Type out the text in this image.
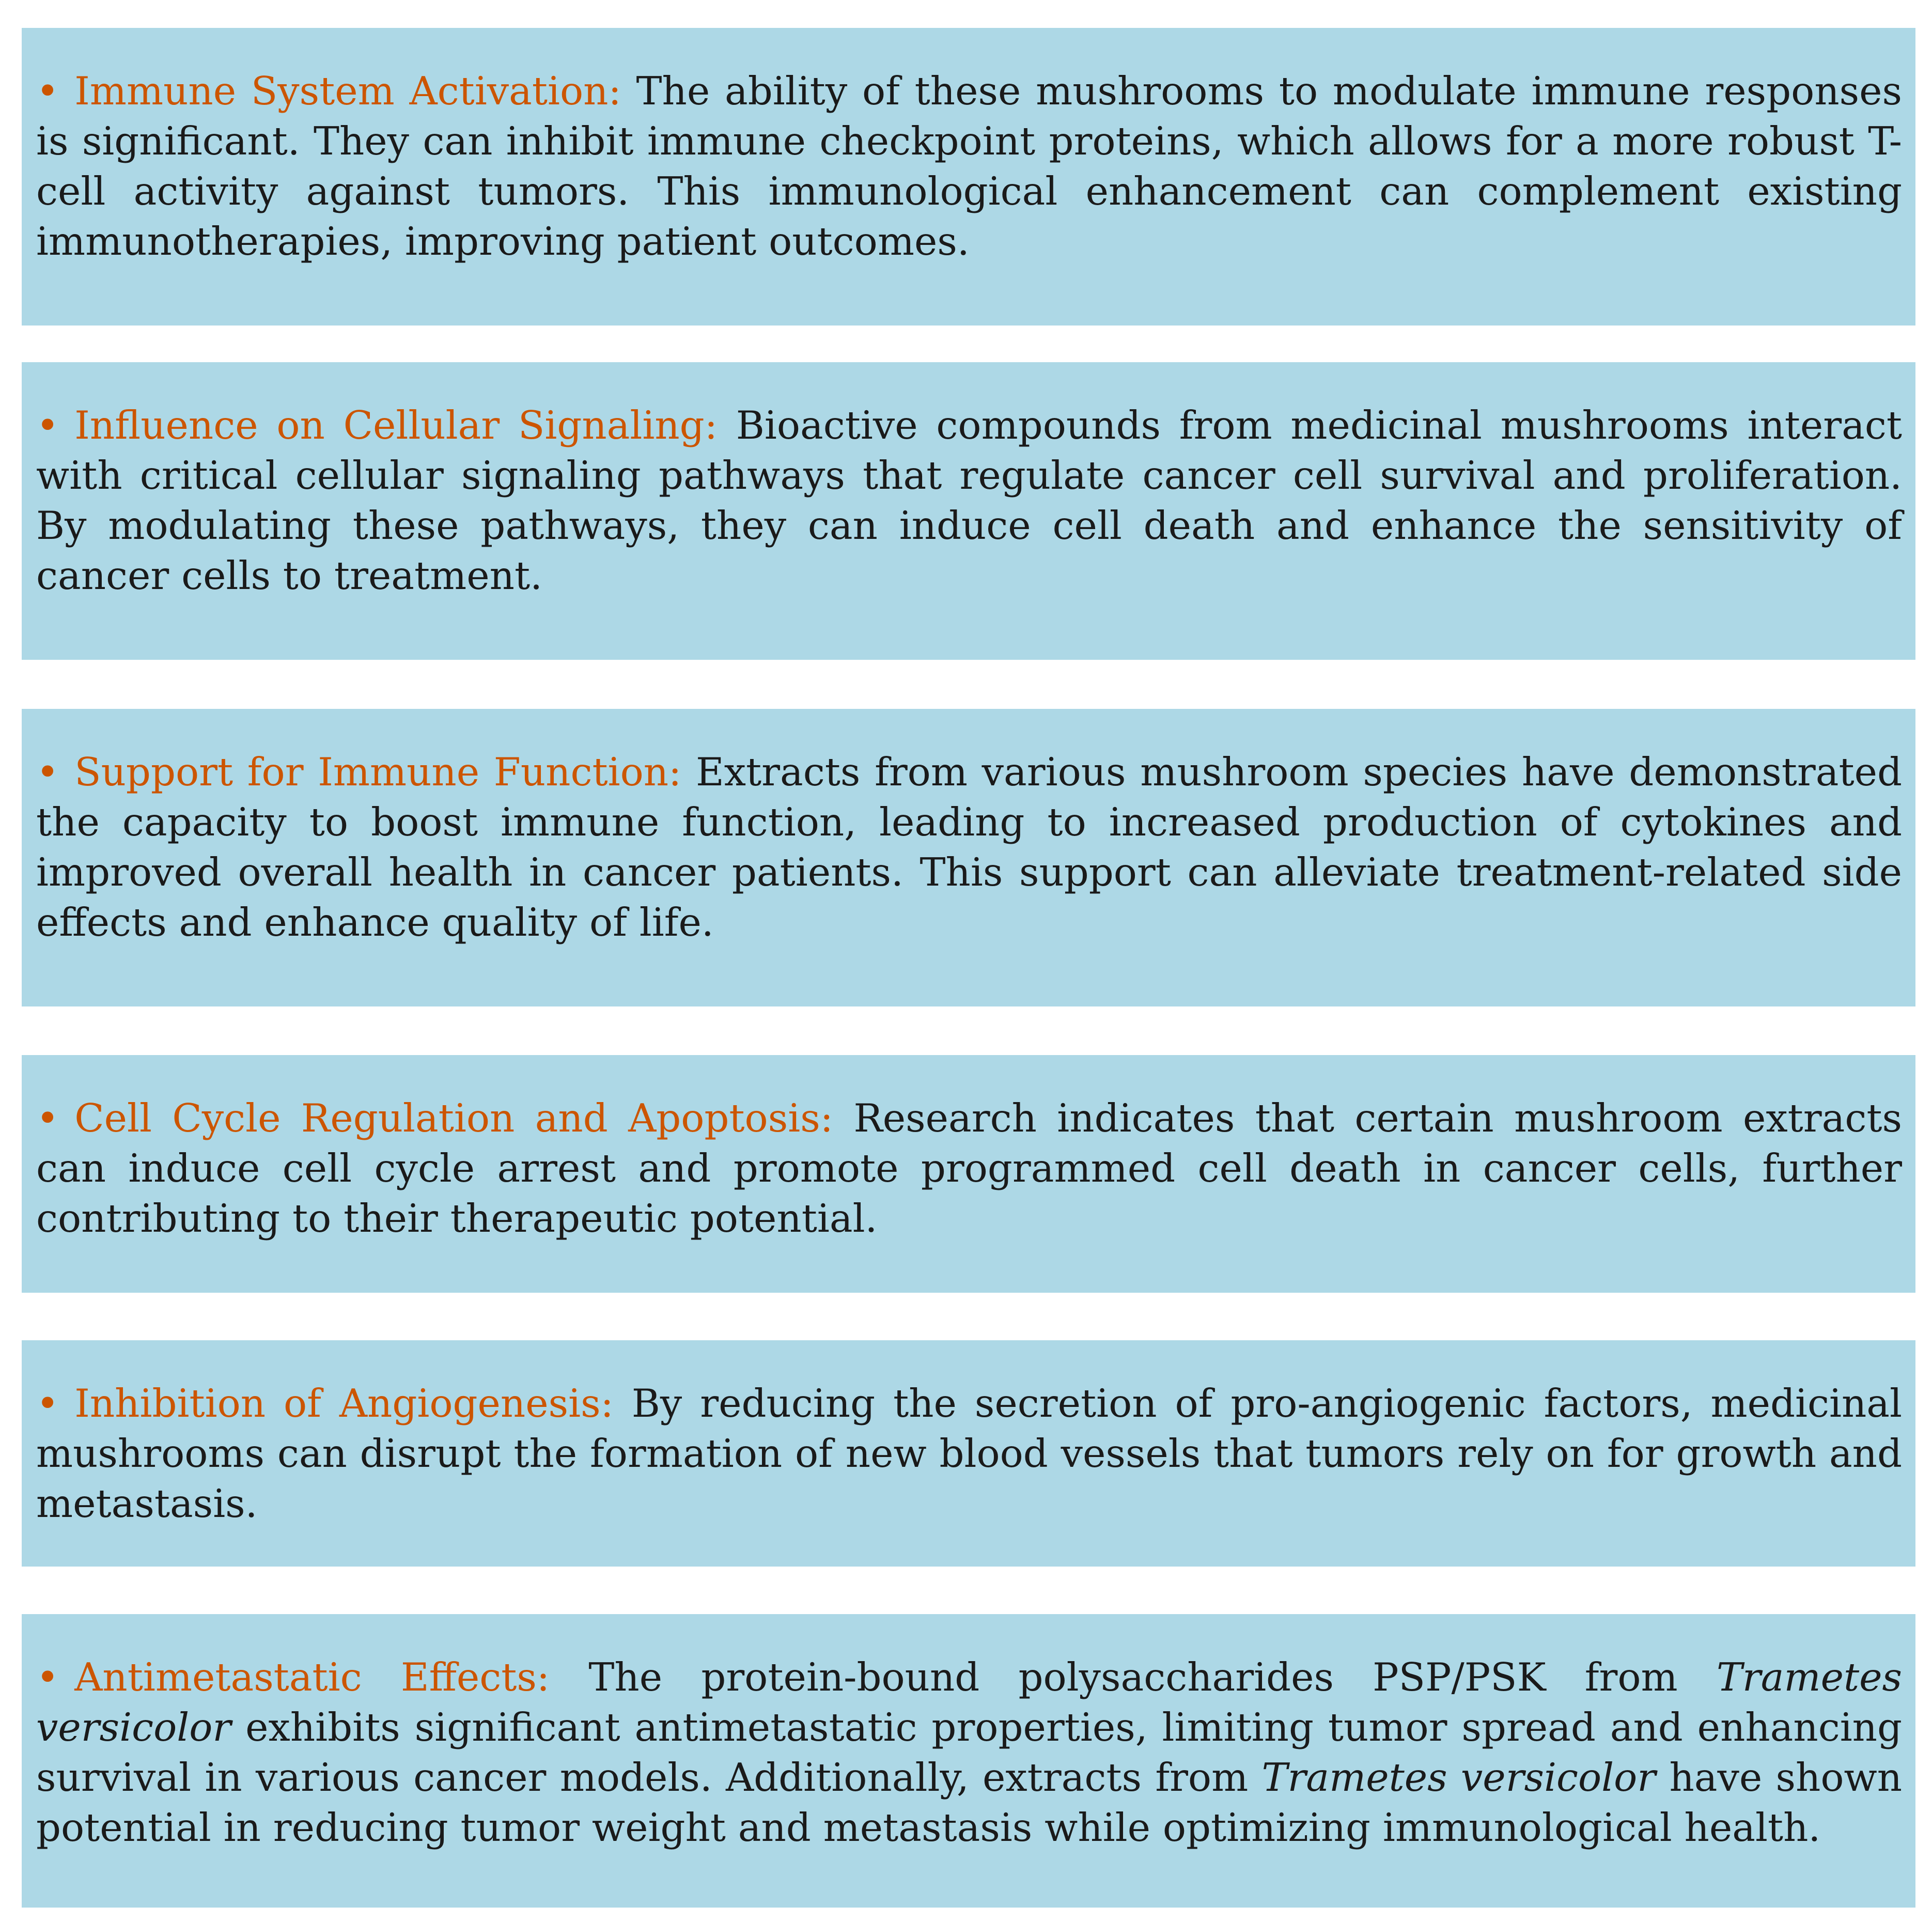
• Immune System Activation: The ability of these mushrooms to modulate immune responses is significant. They can inhibit immune checkpoint proteins, which allows for a more robust T-cell activity against tumors. This immunological enhancement can complement existing immunotherapies, improving patient outcomes.

• Influence on Cellular Signaling: Bioactive compounds from medicinal mushrooms interact with critical cellular signaling pathways that regulate cancer cell survival and proliferation. By modulating these pathways, they can induce cell death and enhance the sensitivity of cancer cells to treatment.

• Support for Immune Function: Extracts from various mushroom species have demonstrated the capacity to boost immune function, leading to increased production of cytokines and improved overall health in cancer patients. This support can alleviate treatment-related side effects and enhance quality of life.

• Cell Cycle Regulation and Apoptosis: Research indicates that certain mushroom extracts can induce cell cycle arrest and promote programmed cell death in cancer cells, further contributing to their therapeutic potential.

• Inhibition of Angiogenesis: By reducing the secretion of pro-angiogenic factors, medicinal mushrooms can disrupt the formation of new blood vessels that tumors rely on for growth and metastasis.

• Antimetastatic Effects: The protein-bound polysaccharides PSP/PSK from Trametes versicolor exhibits significant antimetastatic properties, limiting tumor spread and enhancing survival in various cancer models. Additionally, extracts from Trametes versicolor have shown potential in reducing tumor weight and metastasis while optimizing immunological health.
